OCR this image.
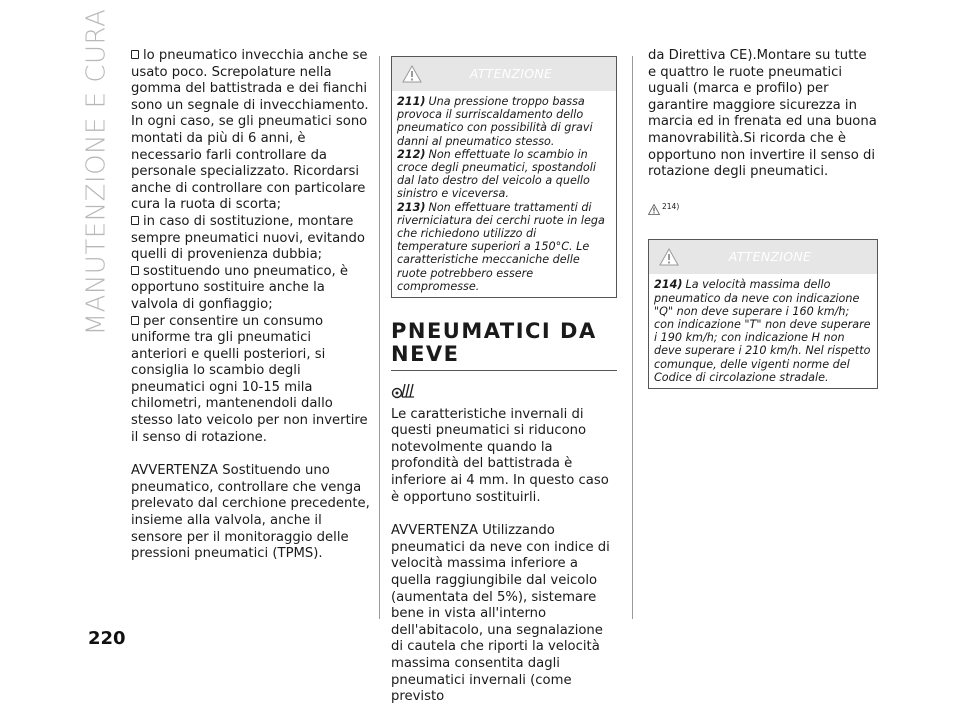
MANUTENZIONE E CURA
220

lo pneumatico invecchia anche se usato poco. Screpolature nella gomma del battistrada e dei fianchi sono un segnale di invecchiamento. In ogni caso, se gli pneumatici sono montati da più di 6 anni, è necessario farli controllare da personale specializzato. Ricordarsi anche di controllare con particolare cura la ruota di scorta;

in caso di sostituzione, montare sempre pneumatici nuovi, evitando quelli di provenienza dubbia;

sostituendo uno pneumatico, è opportuno sostituire anche la valvola di gonfiaggio;

per consentire un consumo uniforme tra gli pneumatici anteriori e quelli posteriori, si consiglia lo scambio degli pneumatici ogni 10-15 mila chilometri, mantenendoli dallo stesso lato veicolo per non invertire il senso di rotazione.

AVVERTENZA Sostituendo uno pneumatico, controllare che venga prelevato dal cerchione precedente, insieme alla valvola, anche il sensore per il monitoraggio delle pressioni pneumatici (TPMS).

ATTENZIONE

211) Una pressione troppo bassa provoca il surriscaldamento dello pneumatico con possibilità di gravi danni al pneumatico stesso.

212) Non effettuate lo scambio in croce degli pneumatici, spostandoli dal lato destro del veicolo a quello sinistro e viceversa.

213) Non effettuare trattamenti di riverniciatura dei cerchi ruote in lega che richiedono utilizzo di temperature superiori a 150°C. Le caratteristiche meccaniche delle ruote potrebbero essere compromesse.

PNEUMATICI DA NEVE

Le caratteristiche invernali di questi pneumatici si riducono notevolmente quando la profondità del battistrada è inferiore ai 4 mm. In questo caso è opportuno sostituirli.

AVVERTENZA Utilizzando pneumatici da neve con indice di velocità massima inferiore a quella raggiungibile dal veicolo (aumentata del 5%), sistemare bene in vista all'interno dell'abitacolo, una segnalazione di cautela che riporti la velocità massima consentita dagli pneumatici invernali (come previsto

da Direttiva CE).Montare su tutte e quattro le ruote pneumatici uguali (marca e profilo) per garantire maggiore sicurezza in marcia ed in frenata ed una buona manovrabilità.Si ricorda che è opportuno non invertire il senso di rotazione degli pneumatici.

214)
ATTENZIONE

214) La velocità massima dello pneumatico da neve con indicazione "Q" non deve superare i 160 km/h; con indicazione "T" non deve superare i 190 km/h; con indicazione H non deve superare i 210 km/h. Nel rispetto comunque, delle vigenti norme del Codice di circolazione stradale.
